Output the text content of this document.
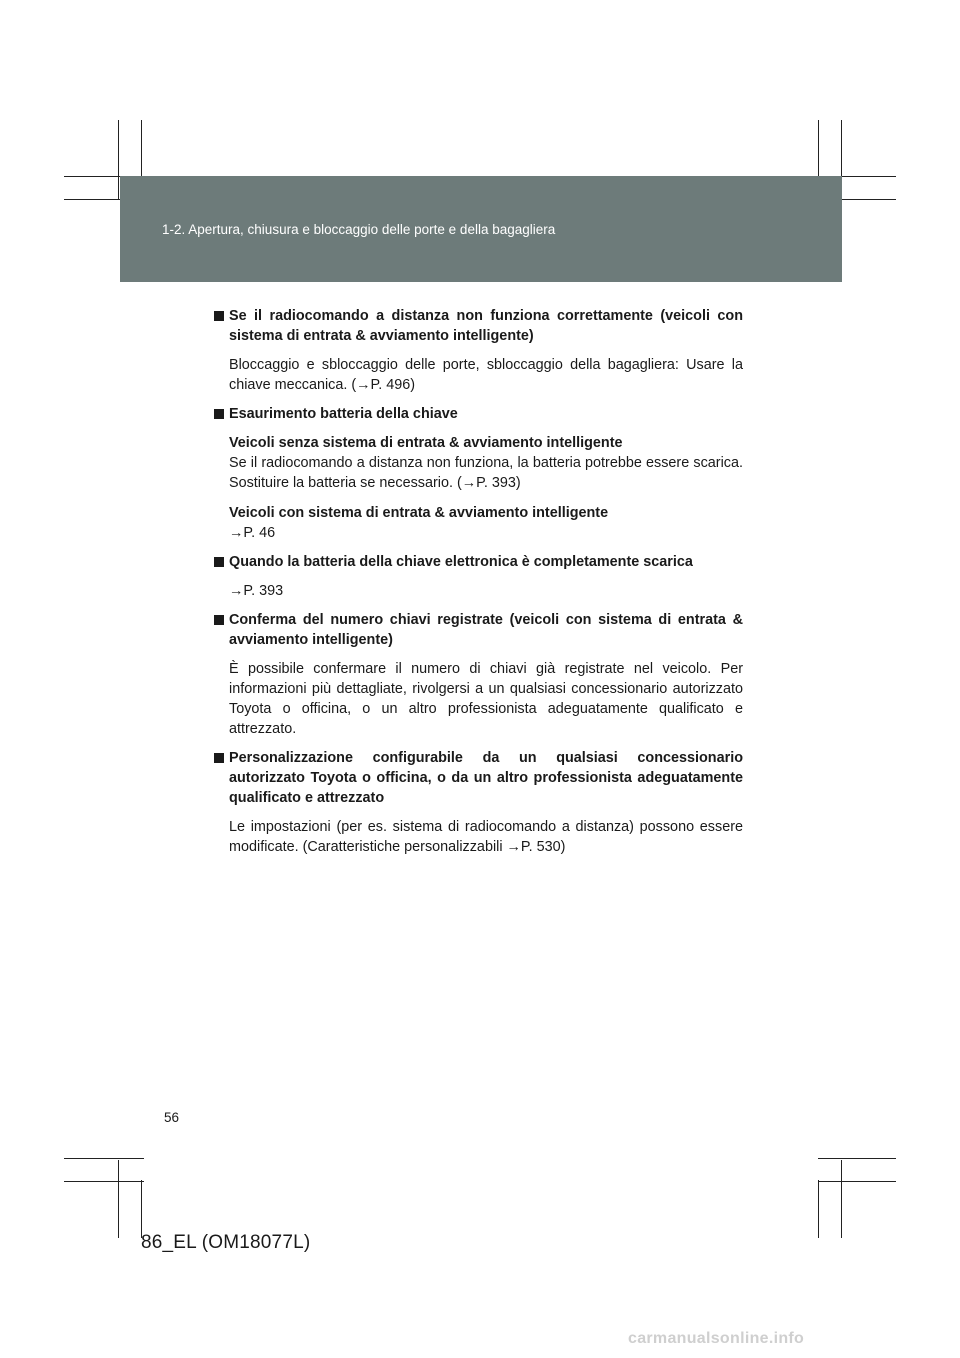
1-2. Apertura, chiusura e bloccaggio delle porte e della bagagliera
Se il radiocomando a distanza non funziona correttamente (veicoli con sistema di entrata & avviamento intelligente)
Bloccaggio e sbloccaggio delle porte, sbloccaggio della bagagliera: Usare la chiave meccanica. (→P. 496)
Esaurimento batteria della chiave
Veicoli senza sistema di entrata & avviamento intelligente
Se il radiocomando a distanza non funziona, la batteria potrebbe essere scarica. Sostituire la batteria se necessario. (→P. 393)
Veicoli con sistema di entrata & avviamento intelligente
→P. 46
Quando la batteria della chiave elettronica è completamente scarica
→P. 393
Conferma del numero chiavi registrate (veicoli con sistema di entrata & avviamento intelligente)
È possibile confermare il numero di chiavi già registrate nel veicolo. Per informazioni più dettagliate, rivolgersi a un qualsiasi concessionario autorizzato Toyota o officina, o un altro professionista adeguatamente qualificato e attrezzato.
Personalizzazione configurabile da un qualsiasi concessionario autorizzato Toyota o officina, o da un altro professionista adeguatamente qualificato e attrezzato
Le impostazioni (per es. sistema di radiocomando a distanza) possono essere modificate. (Caratteristiche personalizzabili →P. 530)
56
86_EL (OM18077L)
carmanualsonline.info
